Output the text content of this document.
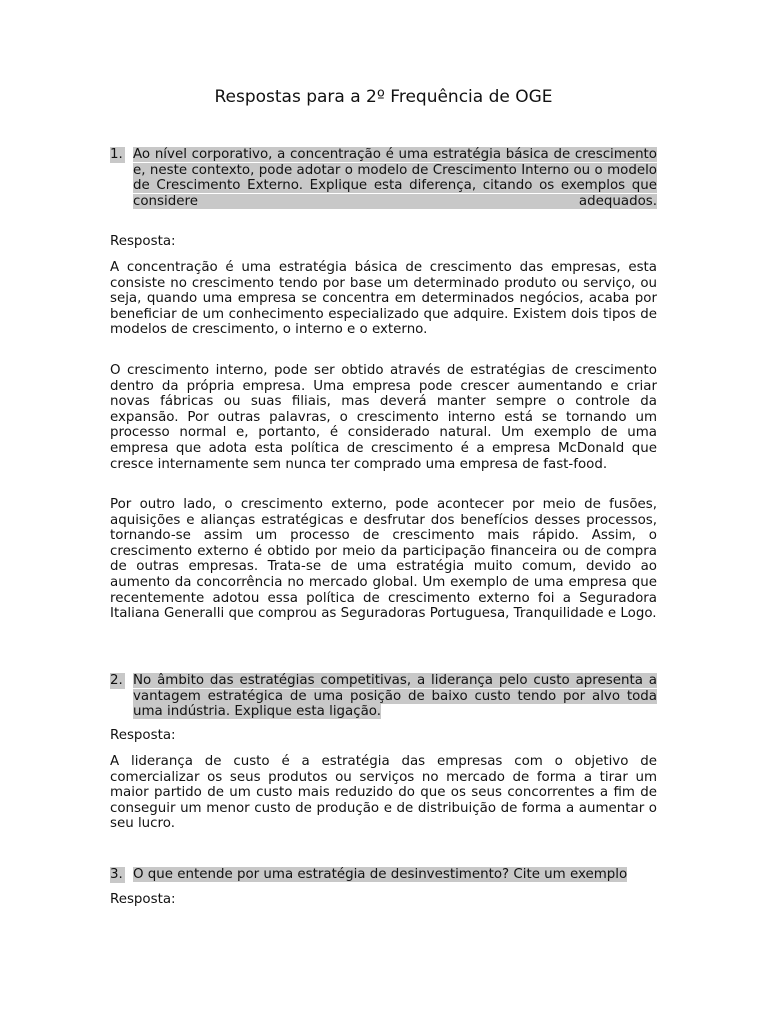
Respostas para a 2º Frequência de OGE
1. Ao nível corporativo, a concentração é uma estratégia básica de crescimento e, neste contexto, pode adotar o modelo de Crescimento Interno ou o modelo de Crescimento Externo. Explique esta diferença, citando os exemplos que considere adequados.
Resposta:

A concentração é uma estratégia básica de crescimento das empresas, esta consiste no crescimento tendo por base um determinado produto ou serviço, ou seja, quando uma empresa se concentra em determinados negócios, acaba por beneficiar de um conhecimento especializado que adquire. Existem dois tipos de modelos de crescimento, o interno e o externo.

O crescimento interno, pode ser obtido através de estratégias de crescimento dentro da própria empresa. Uma empresa pode crescer aumentando e criar novas fábricas ou suas filiais, mas deverá manter sempre o controle da expansão. Por outras palavras, o crescimento interno está se tornando um processo normal e, portanto, é considerado natural. Um exemplo de uma empresa que adota esta política de crescimento é a empresa McDonald que cresce internamente sem nunca ter comprado uma empresa de fast-food.

Por outro lado, o crescimento externo, pode acontecer por meio de fusões, aquisições e alianças estratégicas e desfrutar dos benefícios desses processos, tornando-se assim um processo de crescimento mais rápido. Assim, o crescimento externo é obtido por meio da participação financeira ou de compra de outras empresas. Trata-se de uma estratégia muito comum, devido ao aumento da concorrência no mercado global. Um exemplo de uma empresa que recentemente adotou essa política de crescimento externo foi a Seguradora Italiana Generalli que comprou as Seguradoras Portuguesa, Tranquilidade e Logo.

2. No âmbito das estratégias competitivas, a liderança pelo custo apresenta a vantagem estratégica de uma posição de baixo custo tendo por alvo toda uma indústria. Explique esta ligação.
Resposta:

A liderança de custo é a estratégia das empresas com o objetivo de comercializar os seus produtos ou serviços no mercado de forma a tirar um maior partido de um custo mais reduzido do que os seus concorrentes a fim de conseguir um menor custo de produção e de distribuição de forma a aumentar o seu lucro.

3. O que entende por uma estratégia de desinvestimento? Cite um exemplo
Resposta:
